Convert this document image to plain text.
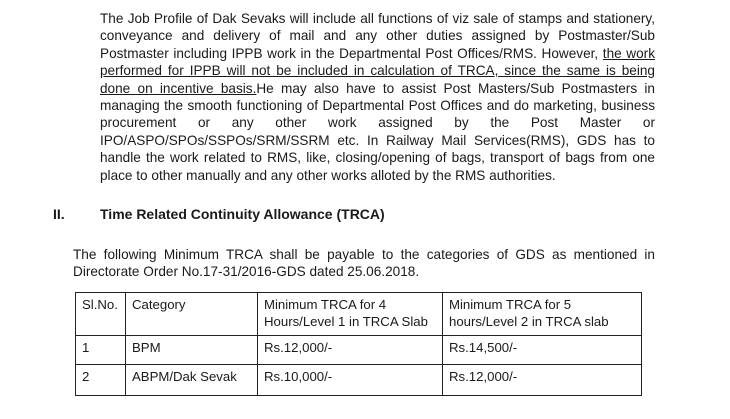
The Job Profile of Dak Sevaks will include all functions of viz sale of stamps and stationery, conveyance and delivery of mail and any other duties assigned by Postmaster/Sub Postmaster including IPPB work in the Departmental Post Offices/RMS. However, the work performed for IPPB will not be included in calculation of TRCA, since the same is being done on incentive basis.He may also have to assist Post Masters/Sub Postmasters in managing the smooth functioning of Departmental Post Offices and do marketing, business procurement or any other work assigned by the Post Master or IPO/ASPO/SPOs/SSPOs/SRM/SSRM etc. In Railway Mail Services(RMS), GDS has to handle the work related to RMS, like, closing/opening of bags, transport of bags from one place to other manually and any other works alloted by the RMS authorities.

II.	Time Related Continuity Allowance (TRCA)

The following Minimum TRCA shall be payable to the categories of GDS as mentioned in Directorate Order No.17-31/2016-GDS dated 25.06.2018.

Sl.No.	Category	Minimum TRCA for 4 Hours/Level 1 in TRCA Slab	Minimum TRCA for 5 hours/Level 2 in TRCA slab
1	BPM	Rs.12,000/-	Rs.14,500/-
2	ABPM/Dak Sevak	Rs.10,000/-	Rs.12,000/-
